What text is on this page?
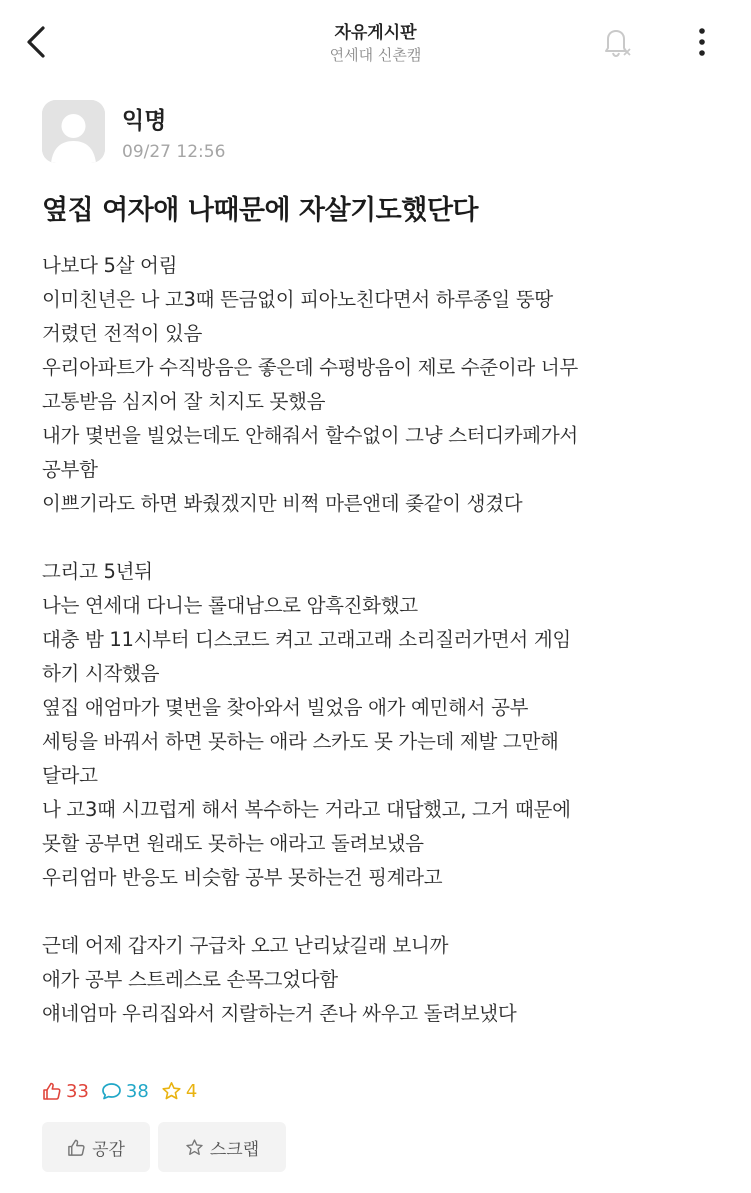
자유게시판
연세대 신촌캠
익명
09/27 12:56
옆집 여자애 나때문에 자살기도했단다
나보다 5살 어림
이미친년은 나 고3때 뜬금없이 피아노친다면서 하루종일 뚱땅
거렸던 전적이 있음
우리아파트가 수직방음은 좋은데 수평방음이 제로 수준이라 너무
고통받음 심지어 잘 치지도 못했음
내가 몇번을 빌었는데도 안해줘서 할수없이 그냥 스터디카페가서
공부함
이쁘기라도 하면 봐줬겠지만 비쩍 마른앤데 좆같이 생겼다
그리고 5년뒤
나는 연세대 다니는 롤대남으로 암흑진화했고
대충 밤 11시부터 디스코드 켜고 고래고래 소리질러가면서 게임
하기 시작했음
옆집 애엄마가 몇번을 찾아와서 빌었음 애가 예민해서 공부
세팅을 바꿔서 하면 못하는 애라 스카도 못 가는데 제발 그만해
달라고
나 고3때 시끄럽게 해서 복수하는 거라고 대답했고, 그거 때문에
못할 공부면 원래도 못하는 애라고 돌려보냈음
우리엄마 반응도 비슷함 공부 못하는건 핑계라고
근데 어제 갑자기 구급차 오고 난리났길래 보니까
애가 공부 스트레스로 손목그었다함
얘네엄마 우리집와서 지랄하는거 존나 싸우고 돌려보냈다
33 38 4
공감	스크랩
